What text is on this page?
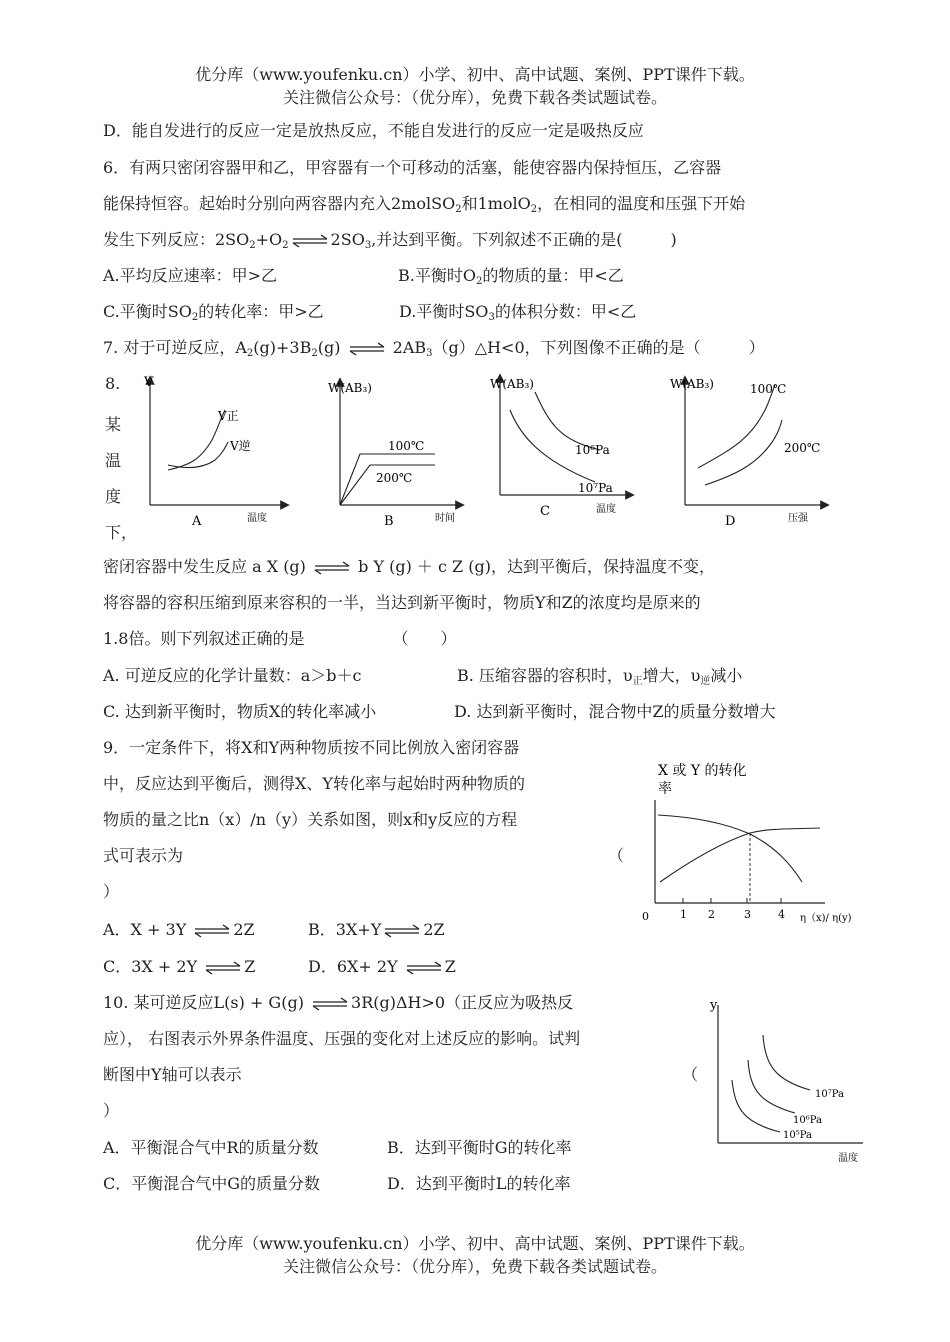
优分库（www.youfenku.cn）小学、初中、高中试题、案例、PPT课件下载。
关注微信公众号：（优分库），免费下载各类试题试卷。
D．能自发进行的反应一定是放热反应，不能自发进行的反应一定是吸热反应
6．有两只密闭容器甲和乙，甲容器有一个可移动的活塞，能使容器内保持恒压，乙容器
能保持恒容。起始时分别向两容器内充入2molSO$_2$和1molO$_2$，在相同的温度和压强下开始
发生下列反应：$2SO_2+O_2$ ⇌ $2SO_3$,并达到平衡。下列叙述不正确的是(　　　)
A.平均反应速率：甲>乙	B.平衡时$O_2$的物质的量：甲<乙
C.平衡时$SO_2$的转化率：甲>乙	D.平衡时$SO_3$的体积分数：甲<乙
7. 对于可逆反应，$A_2(g)+3B_2(g)$ ⇌ $2AB_3(g)\triangle H<0$，下列图像不正确的是（　　　）
8.
某
温
度
下，
V
温度
A
V正
V逆
W(AB₃)
时间
B
100℃
200℃
W(AB₃)
温度
C
10⁶Pa
10⁷Pa
W(AB₃)
压强
D
100℃
200℃
密闭容器中发生反应 a X (g) ⇌ b Y (g) ＋ c Z (g)，达到平衡后，保持温度不变，
将容器的容积压缩到原来容积的一半，当达到新平衡时，物质Y和Z的浓度均是原来的
1.8倍。则下列叙述正确的是　　　　　　（　　）
A. 可逆反应的化学计量数：a＞b＋c	B. 压缩容器的容积时，$\upsilon_正$增大，$\upsilon_逆$减小
C. 达到新平衡时，物质X的转化率减小	D. 达到新平衡时，混合物中Z的质量分数增大
9．一定条件下，将X和Y两种物质按不同比例放入密闭容器
中，反应达到平衡后，测得X、Y转化率与起始时两种物质的
物质的量之比n（x）/n（y）关系如图，则x和y反应的方程
式可表示为	（
）
A．X + 3Y ⇌ 2Z	B．3X+Y ⇌ 2Z
C．3X + 2Y ⇌ Z	D．6X+ 2Y ⇌ Z
X 或 Y 的转化
率
0	1 2	3 4 η（x)/ η(y)
10. 某可逆反应L(s) + G(g) ⇌ 3R(g)ΔH>0（正反应为吸热反
应）， 右图表示外界条件温度、压强的变化对上述反应的影响。试判
断图中Y轴可以表示	（
）
A．平衡混合气中R的质量分数	B．达到平衡时G的转化率
C．平衡混合气中G的质量分数	D．达到平衡时L的转化率
y
温度
10⁷Pa
10⁶Pa
10⁵Pa
优分库（www.youfenku.cn）小学、初中、高中试题、案例、PPT课件下载。
关注微信公众号：（优分库），免费下载各类试题试卷。
